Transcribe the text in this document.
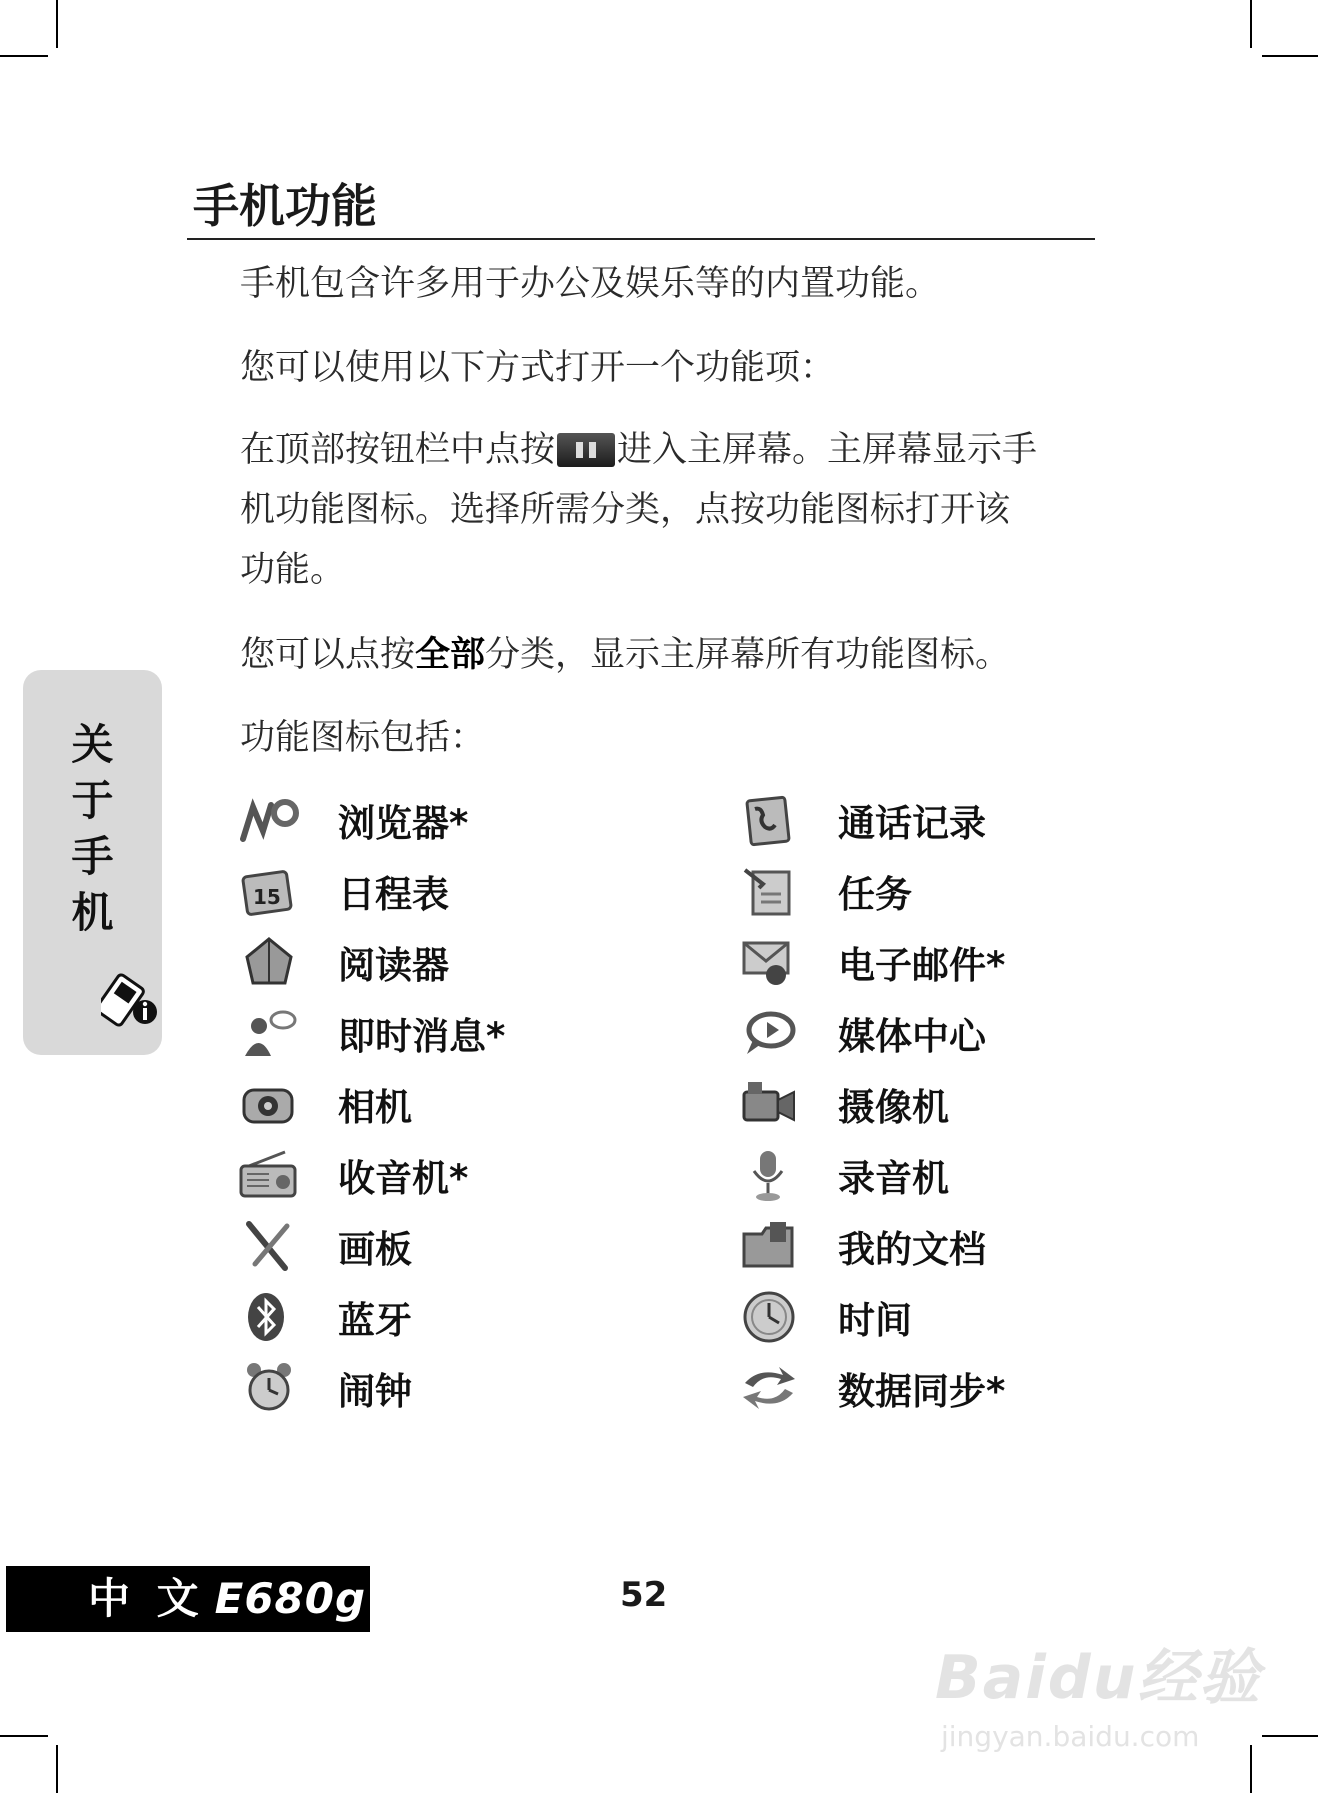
手机功能
手机包含许多用于办公及娱乐等的内置功能。
您可以使用以下方式打开一个功能项：
在顶部按钮栏中点按 进入主屏幕。主屏幕显示手
机功能图标。选择所需分类，点按功能图标打开该
功能。
您可以点按全部分类，显示主屏幕所有功能图标。
功能图标包括：
关
于
手
机
浏览器*
15 日程表
阅读器
即时消息*
相机
收音机*
画板
蓝牙
闹钟
通话记录
任务
电子邮件*
媒体中心
摄像机
录音机
我的文档
时间
数据同步*
中 文 E680g	52
Baidu经验
jingyan.baidu.com
